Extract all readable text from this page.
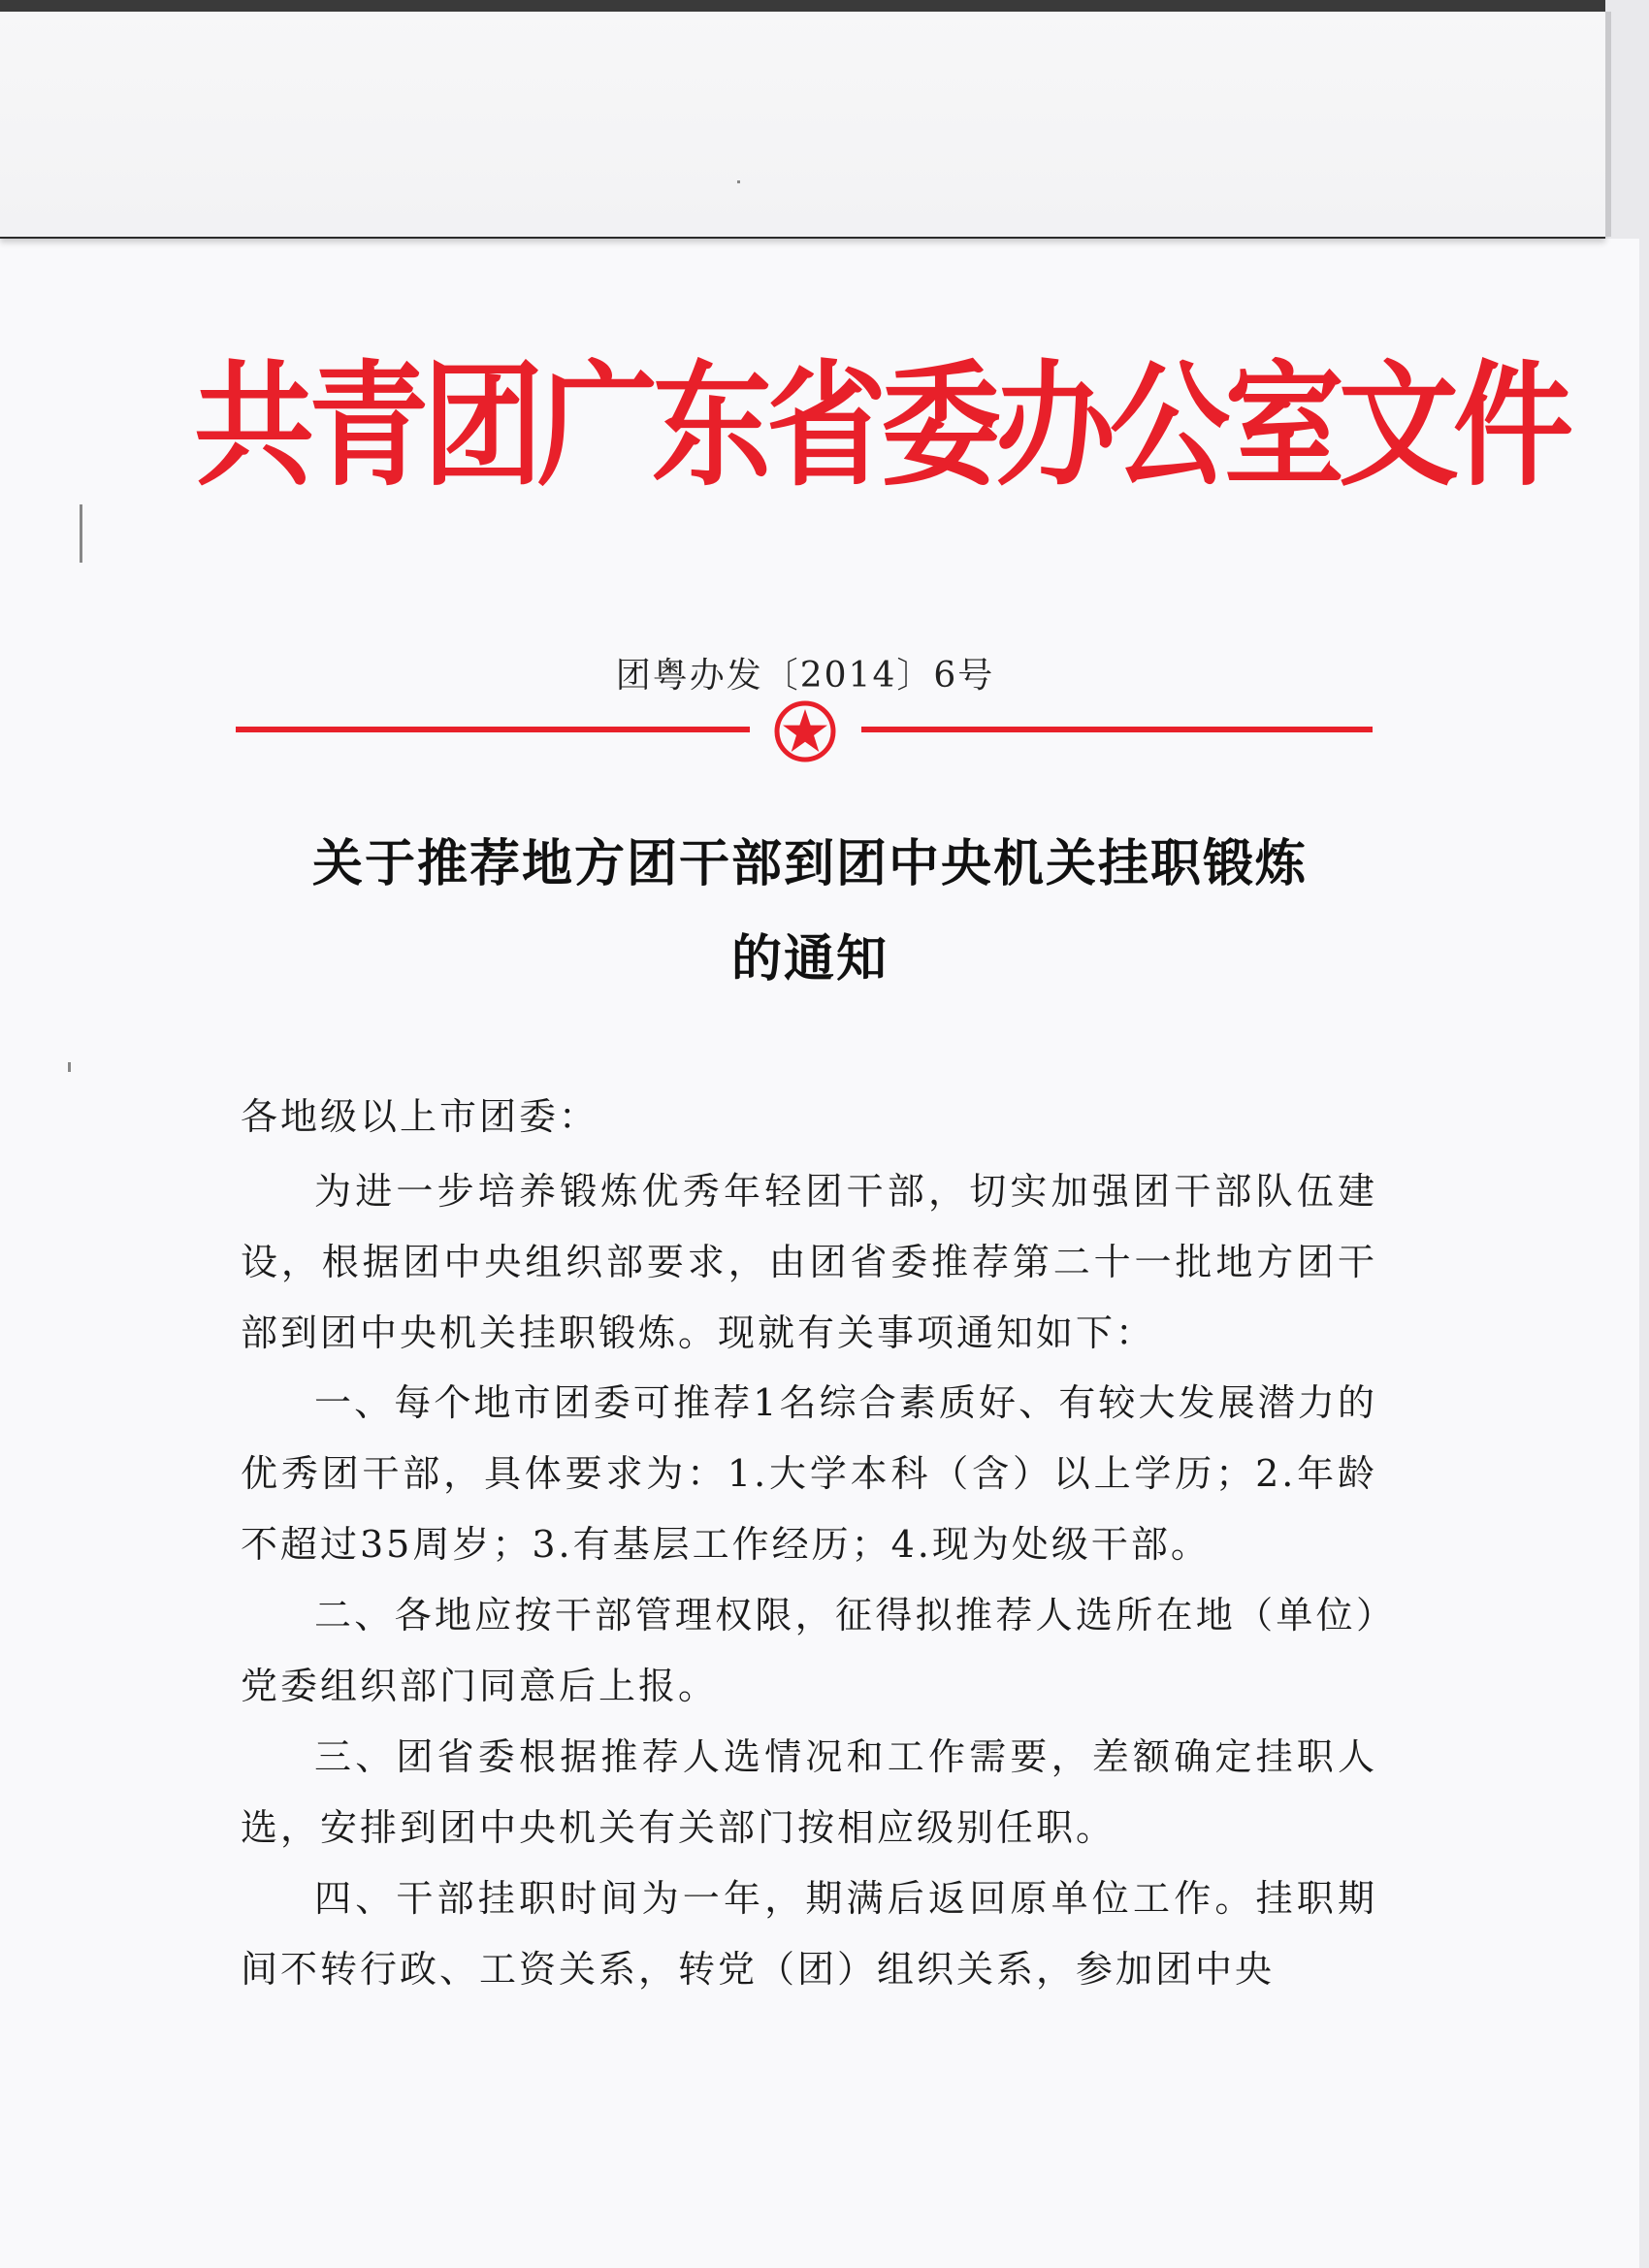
共青团广东省委办公室文件
团粤办发〔2014〕6号
关于推荐地方团干部到团中央机关挂职锻炼
的通知
各地级以上市团委：
为进一步培养锻炼优秀年轻团干部，切实加强团干部队伍建设，根据团中央组织部要求，由团省委推荐第二十一批地方团干部到团中央机关挂职锻炼。现就有关事项通知如下：
一、每个地市团委可推荐1名综合素质好、有较大发展潜力的优秀团干部，具体要求为：1.大学本科（含）以上学历；2.年龄不超过35周岁；3.有基层工作经历；4.现为处级干部。
二、各地应按干部管理权限，征得拟推荐人选所在地（单位）党委组织部门同意后上报。
三、团省委根据推荐人选情况和工作需要，差额确定挂职人选，安排到团中央机关有关部门按相应级别任职。
四、干部挂职时间为一年，期满后返回原单位工作。挂职期间不转行政、工资关系，转党（团）组织关系，参加团中央
